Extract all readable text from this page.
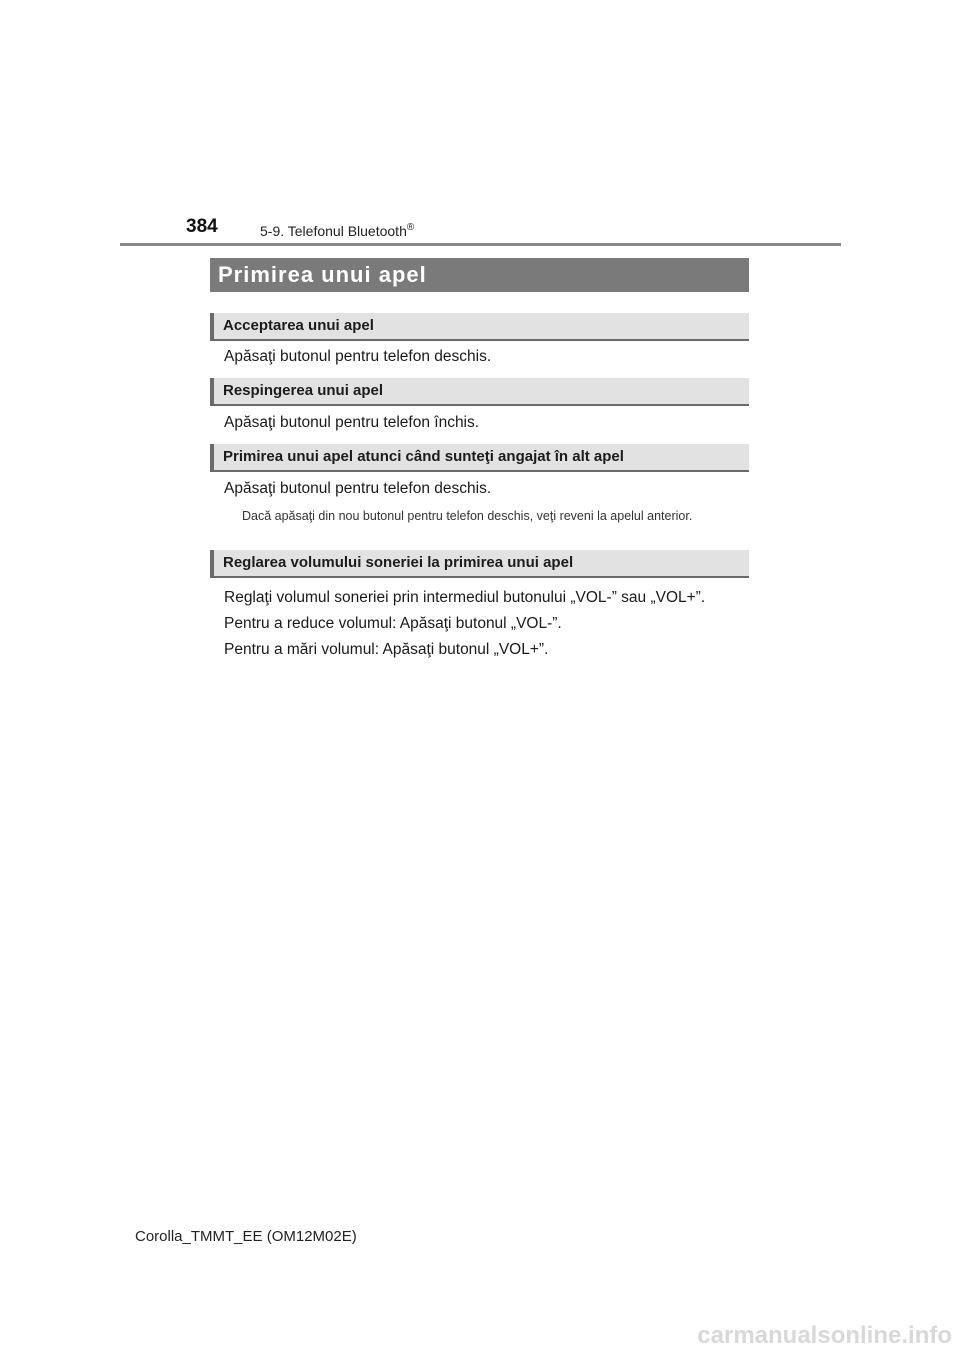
384	5-9. Telefonul Bluetooth®
Primirea unui apel
Acceptarea unui apel
Apăsaţi butonul pentru telefon deschis.
Respingerea unui apel
Apăsaţi butonul pentru telefon închis.
Primirea unui apel atunci când sunteţi angajat în alt apel
Apăsaţi butonul pentru telefon deschis.
Dacă apăsaţi din nou butonul pentru telefon deschis, veţi reveni la apelul anterior.
Reglarea volumului soneriei la primirea unui apel
Reglaţi volumul soneriei prin intermediul butonului „VOL-” sau „VOL+”.
Pentru a reduce volumul: Apăsaţi butonul „VOL-”.
Pentru a mări volumul: Apăsaţi butonul „VOL+”.
Corolla_TMMT_EE (OM12M02E)
carmanualsonline.info
